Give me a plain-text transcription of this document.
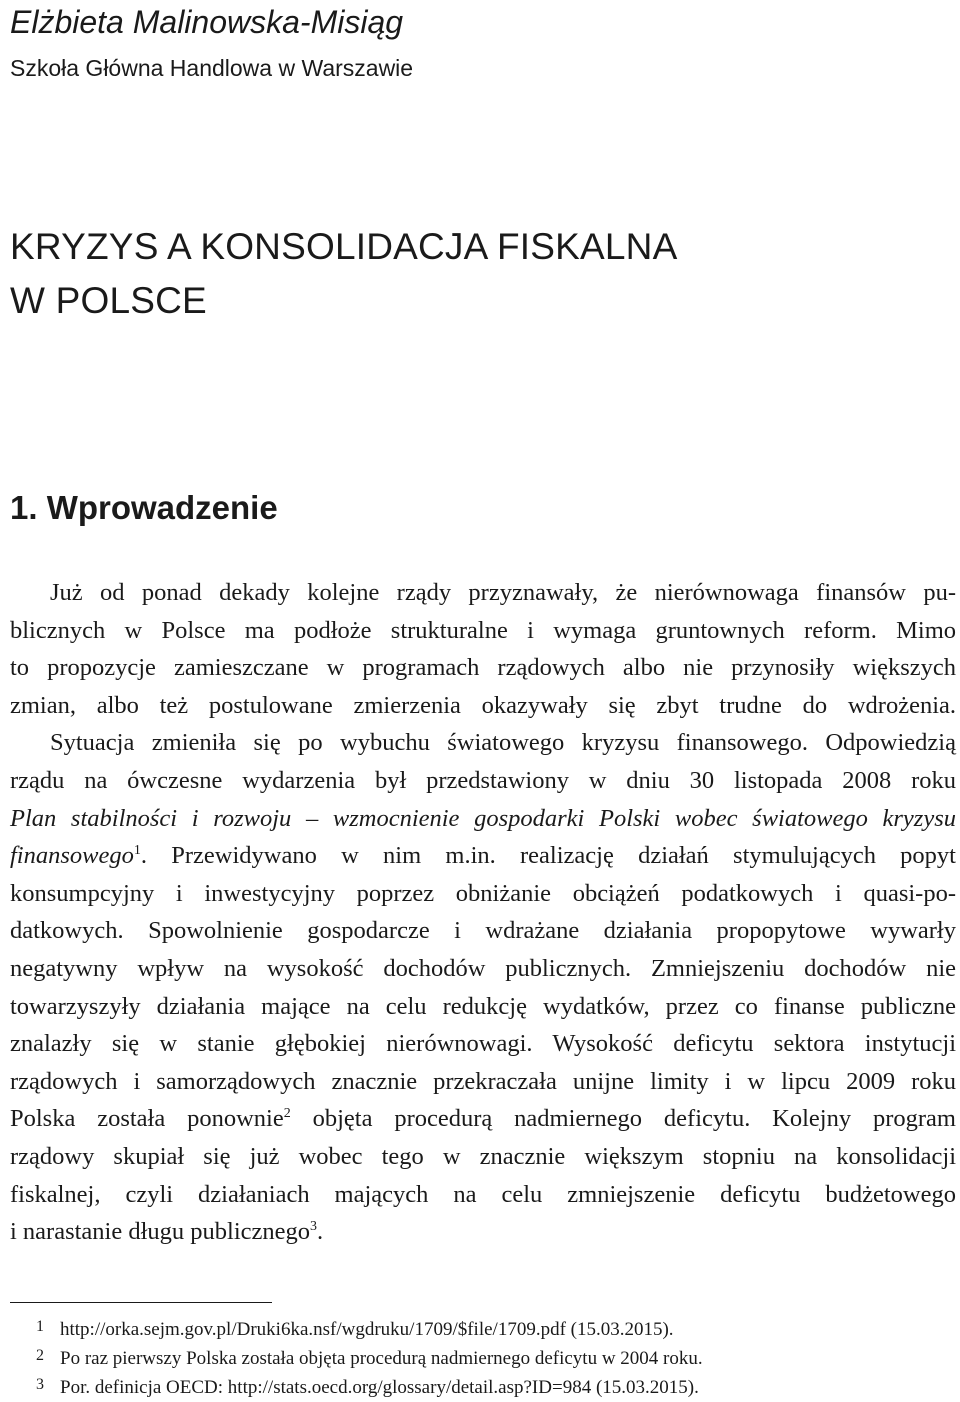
Elżbieta Malinowska-Misiąg
Szkoła Główna Handlowa w Warszawie
KRYZYS A KONSOLIDACJA FISKALNA
W POLSCE
1. Wprowadzenie
Już od ponad dekady kolejne rządy przyznawały, że nierównowaga finansów pu-
blicznych w Polsce ma podłoże strukturalne i wymaga gruntownych reform. Mimo
to propozycje zamieszczane w programach rządowych albo nie przynosiły większych
zmian, albo też postulowane zmierzenia okazywały się zbyt trudne do wdrożenia.
Sytuacja zmieniła się po wybuchu światowego kryzysu finansowego. Odpowiedzią
rządu na ówczesne wydarzenia był przedstawiony w dniu 30 listopada 2008 roku
Plan stabilności i rozwoju – wzmocnienie gospodarki Polski wobec światowego kryzysu
finansowego$^1$. Przewidywano w nim m.in. realizację działań stymulujących popyt
konsumpcyjny i inwestycyjny poprzez obniżanie obciążeń podatkowych i quasi-po-
datkowych. Spowolnienie gospodarcze i wdrażane działania propopytowe wywarły
negatywny wpływ na wysokość dochodów publicznych. Zmniejszeniu dochodów nie
towarzyszyły działania mające na celu redukcję wydatków, przez co finanse publiczne
znalazły się w stanie głębokiej nierównowagi. Wysokość deficytu sektora instytucji
rządowych i samorządowych znacznie przekraczała unijne limity i w lipcu 2009 roku
Polska została ponownie$^2$ objęta procedurą nadmiernego deficytu. Kolejny program
rządowy skupiał się już wobec tego w znacznie większym stopniu na konsolidacji
fiskalnej, czyli działaniach mających na celu zmniejszenie deficytu budżetowego
i narastanie długu publicznego$^3$.
1 http://orka.sejm.gov.pl/Druki6ka.nsf/wgdruku/1709/$file/1709.pdf (15.03.2015).
2 Po raz pierwszy Polska została objęta procedurą nadmiernego deficytu w 2004 roku.
3 Por. definicja OECD: http://stats.oecd.org/glossary/detail.asp?ID=984 (15.03.2015).
